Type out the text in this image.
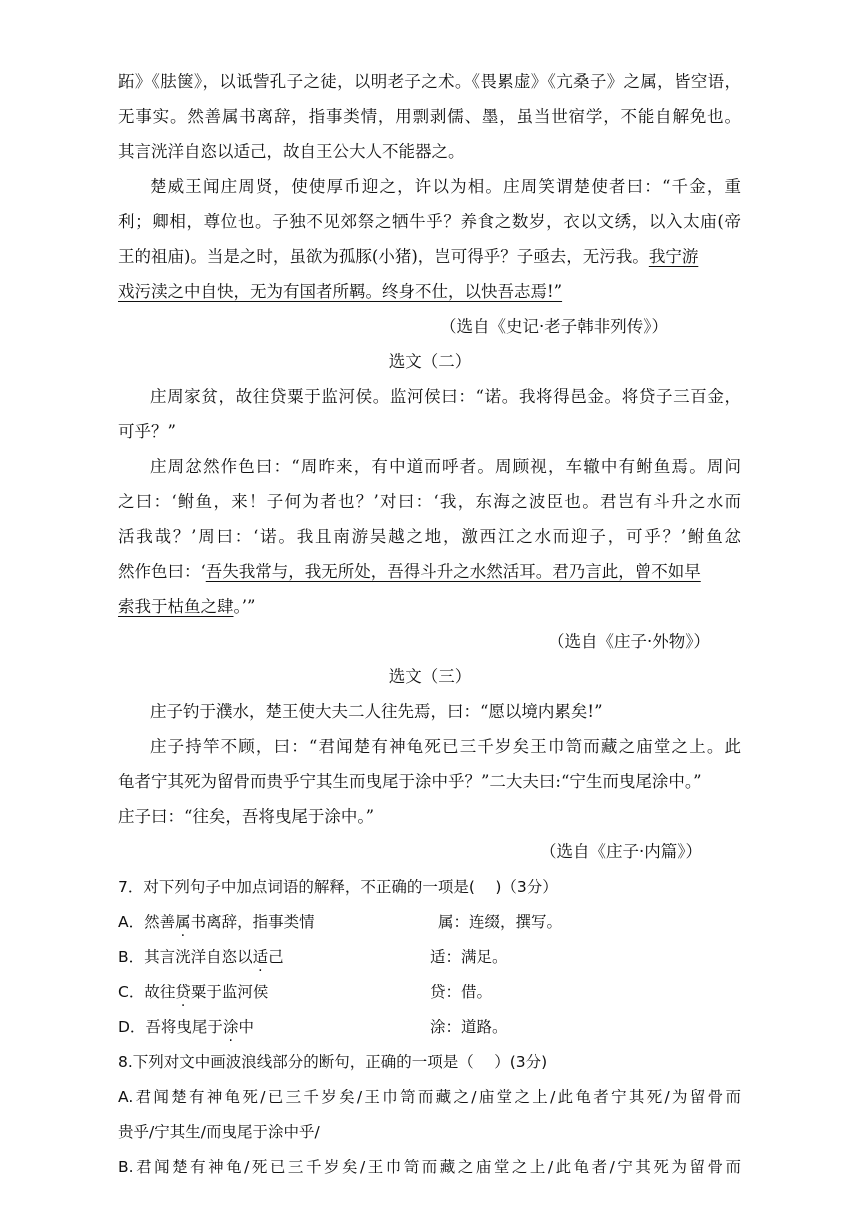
跖》《胠箧》，以诋訾孔子之徒，以明老子之术。《畏累虚》《亢桑子》之属，皆空语，
无事实。然善属书离辞，指事类情，用剽剥儒、墨，虽当世宿学，不能自解免也。
其言洸洋自恣以适己，故自王公大人不能器之。
楚威王闻庄周贤，使使厚币迎之，许以为相。庄周笑谓楚使者曰：“千金，重
利；卿相，尊位也。子独不见郊祭之牺牛乎？养食之数岁，衣以文绣，以入太庙(帝
王的祖庙)。当是之时，虽欲为孤豚(小猪)，岂可得乎？子亟去，无污我。我宁游
戏污渎之中自快，无为有国者所羁。终身不仕，以快吾志焉!”
（选自《史记·老子韩非列传》）
选文（二）
庄周家贫，故往贷粟于监河侯。监河侯曰：“诺。我将得邑金。将贷子三百金，
可乎？”
庄周忿然作色曰：“周昨来，有中道而呼者。周顾视，车辙中有鲋鱼焉。周问
之曰：‘鲋鱼，来！子何为者也？’对曰：‘我，东海之波臣也。君岂有斗升之水而
活我哉？’周曰：‘诺。我且南游吴越之地，激西江之水而迎子，可乎？’鲋鱼忿
然作色曰：‘吾失我常与，我无所处，吾得斗升之水然活耳。君乃言此，曾不如早
索我于枯鱼之肆。’”
（选自《庄子·外物》）
选文（三）
庄子钓于濮水，楚王使大夫二人往先焉，曰：“愿以境内累矣!”
庄子持竿不顾，曰：“君闻楚有神龟死已三千岁矣王巾笥而藏之庙堂之上。此
龟者宁其死为留骨而贵乎宁其生而曳尾于涂中乎？”二大夫曰:“宁生而曳尾涂中。”
庄子曰：“往矣，吾将曳尾于涂中。”
（选自《庄子·内篇》）
7．对下列句子中加点词语的解释，不正确的一项是(　 )（3分）
A．然善属书离辞，指事类情	属：连缀，撰写。
B．其言洸洋自恣以适己	适：满足。
C．故往贷粟于监河侯	贷：借。
D．吾将曳尾于涂中	涂：道路。
8.下列对文中画波浪线部分的断句，正确的一项是（　 ）(3分)
A.君闻楚有神龟死/已三千岁矣/王巾笥而藏之/庙堂之上/此龟者宁其死/为留骨而
贵乎/宁其生/而曳尾于涂中乎/
B.君闻楚有神龟/死已三千岁矣/王巾笥而藏之庙堂之上/此龟者/宁其死为留骨而
